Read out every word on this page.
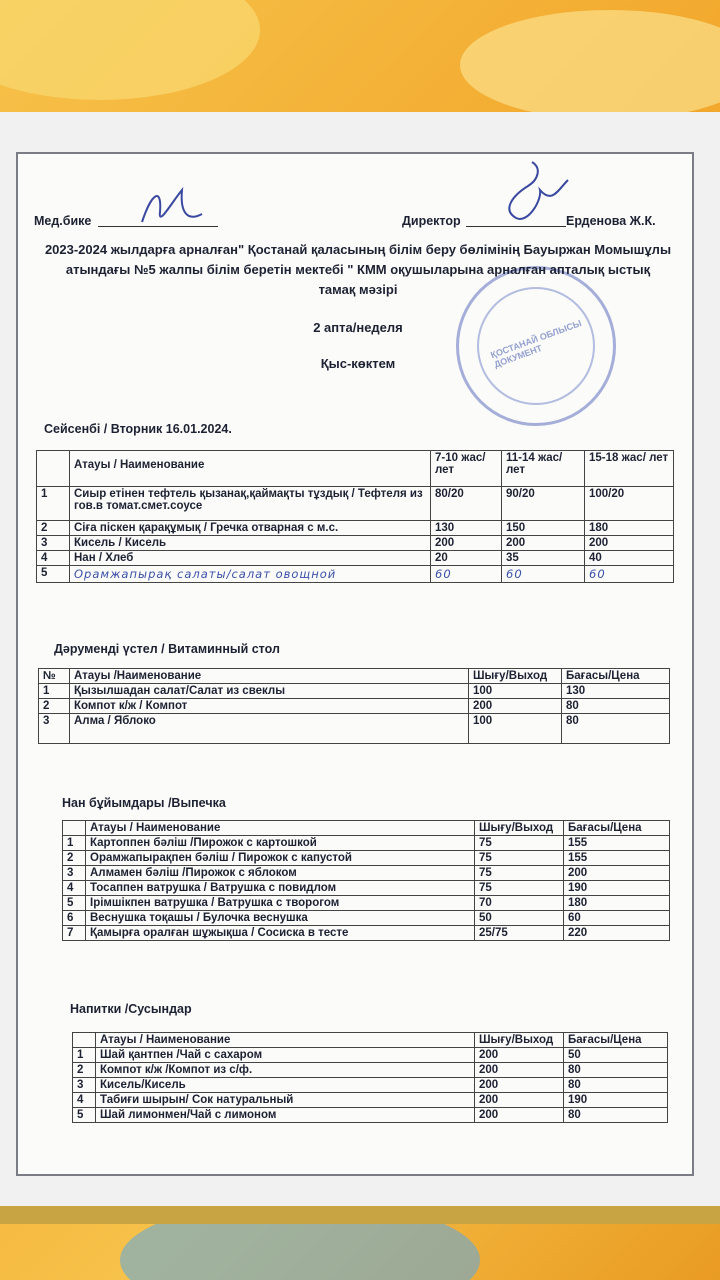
Мед.бике	Директор	Ерденова Ж.К.
ҚОСТАНАЙ ОБЛЫСЫ ДОКУМЕНТ
2023-2024 жылдарға арналған" Қостанай қаласының білім беру бөлімінің Бауыржан Момышұлы
атындағы №5 жалпы білім беретін мектебі " КММ оқушыларына арналған апталық ыстық
тамақ мәзірі
2 апта/неделя
Қыс-көктем
Сейсенбі / Вторник 16.01.2024.
	Атауы / Наименование	7-10 жас/ лет	11-14 жас/ лет	15-18 жас/ лет
1	Сиыр етінен тефтель қызанақ,қаймақты тұздық / Тефтеля из гов.в томат.смет.соусе	80/20	90/20	100/20
2	Сіға піскен қарақұмық / Гречка отварная с м.с.	130	150	180
3	Кисель / Кисель	200	200	200
4	Нан / Хлеб	20	35	40
5	Орамжапырақ салаты/салат овощной	60	60	60
Дәруменді үстел / Витаминный стол
№	Атауы /Наименование	Шығу/Выход	Бағасы/Цена
1	Қызылшадан салат/Салат из свеклы	100	130
2	Компот к/ж / Компот	200	80
3	Алма / Яблоко	100	80
Нан бұйымдары /Выпечка
	Атауы / Наименование	Шығу/Выход	Бағасы/Цена
1	Картоппен бәліш /Пирожок с картошкой	75	155
2	Орамжапырақпен бәліш / Пирожок с капустой	75	155
3	Алмамен бәліш /Пирожок с яблоком	75	200
4	Тосаппен ватрушка / Ватрушка с повидлом	75	190
5	Ірімшікпен ватрушка / Ватрушка с творогом	70	180
6	Веснушка тоқашы / Булочка веснушка	50	60
7	Қамырға оралған шұжықша / Сосиска в тесте	25/75	220
Напитки /Сусындар
	Атауы / Наименование	Шығу/Выход	Бағасы/Цена
1	Шай қантпен /Чай с сахаром	200	50
2	Компот к/ж /Компот из с/ф.	200	80
3	Кисель/Кисель	200	80
4	Табиғи шырын/ Сок натуральный	200	190
5	Шай лимонмен/Чай с лимоном	200	80
